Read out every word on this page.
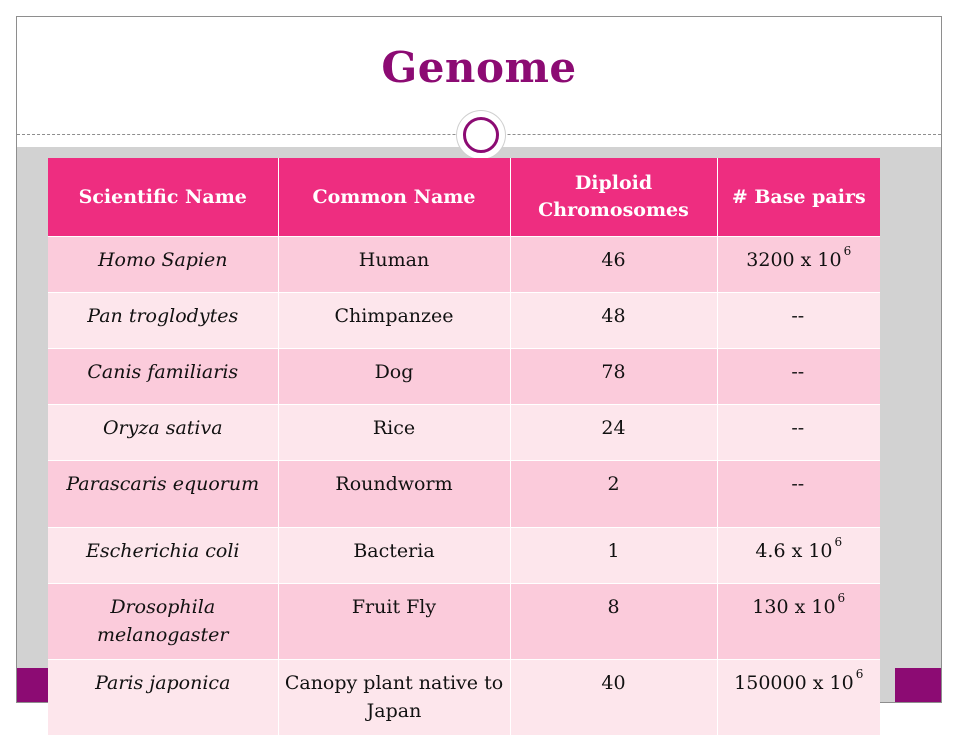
Genome
Scientific Name	Common Name	Diploid Chromosomes	# Base pairs
Homo Sapien	Human	46	3200 x 10 $^6$
Pan troglodytes	Chimpanzee	48	--
Canis familiaris	Dog	78	--
Oryza sativa	Rice	24	--
Parascaris equorum	Roundworm	2	--
Escherichia coli	Bacteria	1	4.6 x 10 $^6$
Drosophila melanogaster	Fruit Fly	8	130 x 10 $^6$
Paris japonica	Canopy plant native to Japan	40	150000 x 10 $^6$
